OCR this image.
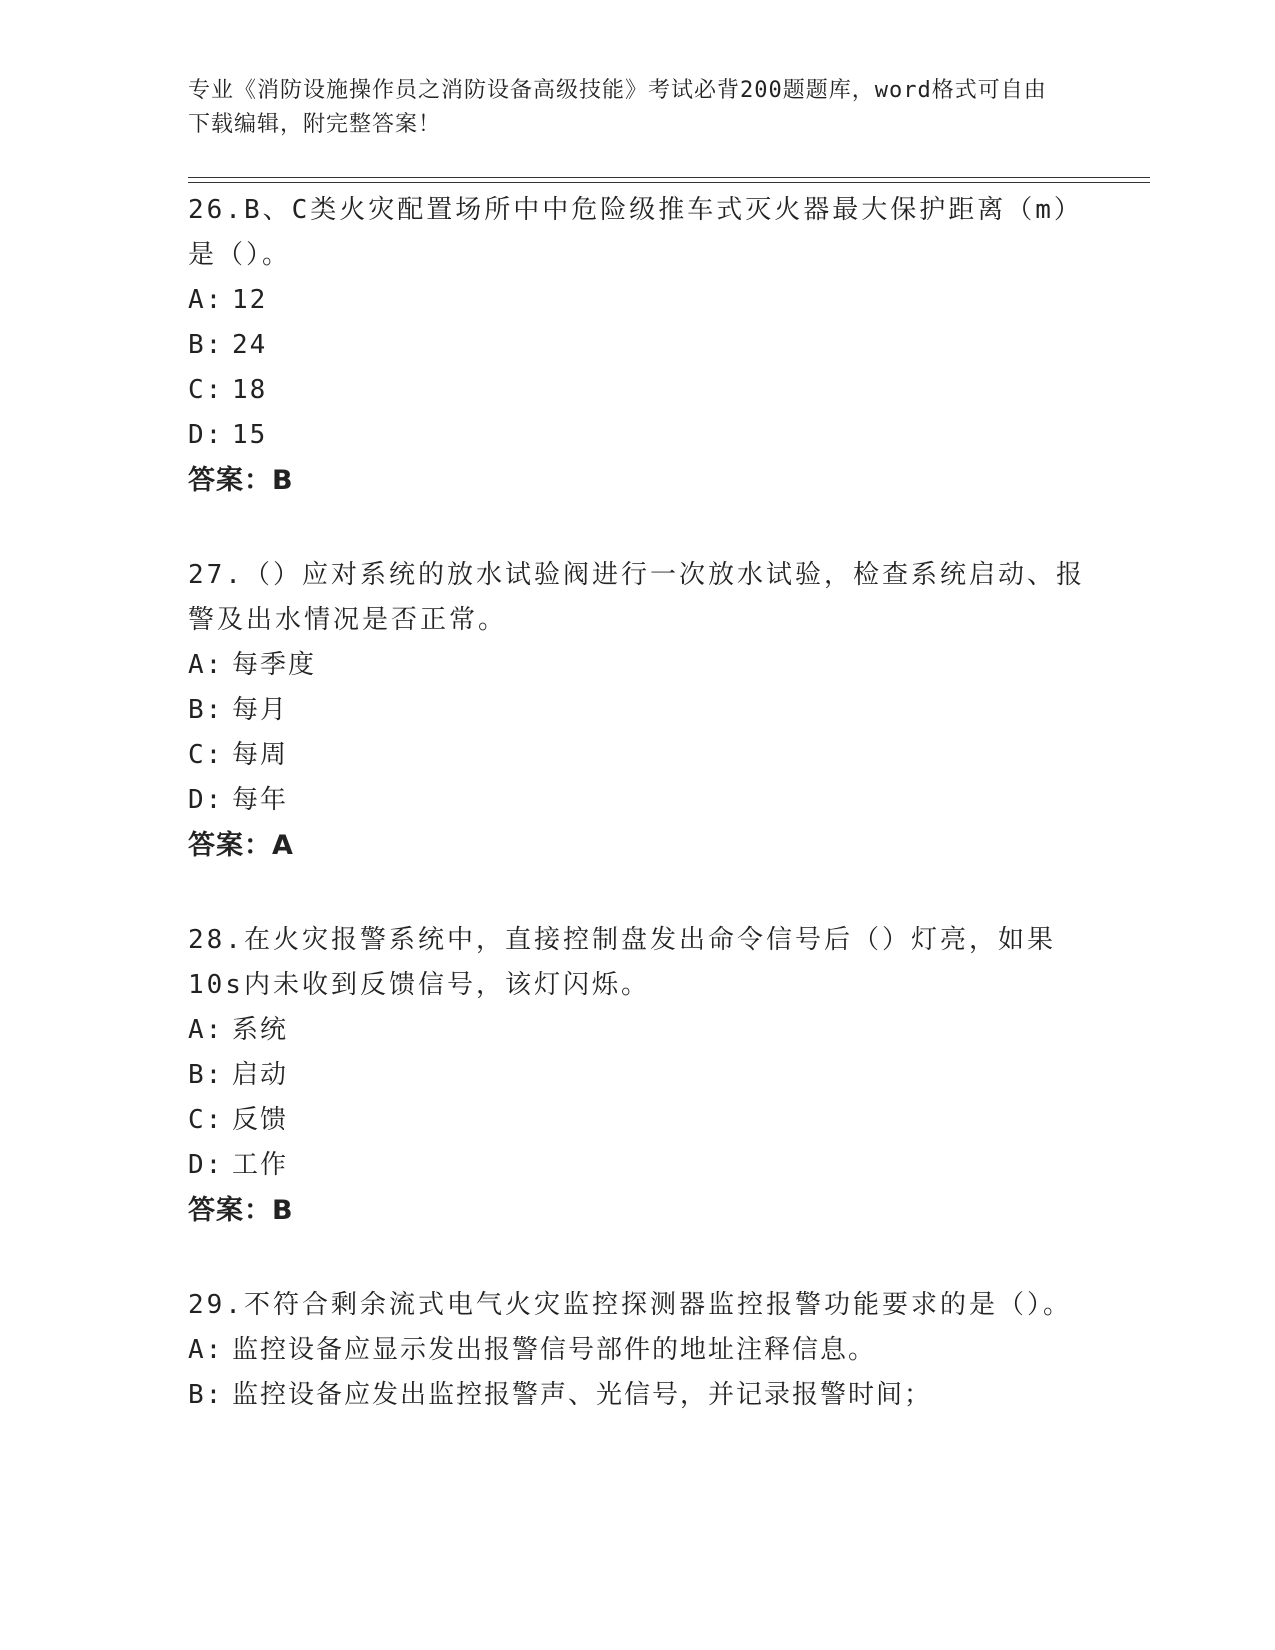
专业《消防设施操作员之消防设备高级技能》考试必背200题题库，word格式可自由下载编辑，附完整答案！
26.B、C类火灾配置场所中中危险级推车式灭火器最大保护距离（m）是（）。
A: 12
B: 24
C: 18
D: 15
答案：B
27.（）应对系统的放水试验阀进行一次放水试验，检查系统启动、报警及出水情况是否正常。
A: 每季度
B: 每月
C: 每周
D: 每年
答案：A
28.在火灾报警系统中，直接控制盘发出命令信号后（）灯亮，如果10s内未收到反馈信号，该灯闪烁。
A: 系统
B: 启动
C: 反馈
D: 工作
答案：B
29.不符合剩余流式电气火灾监控探测器监控报警功能要求的是（）。
A: 监控设备应显示发出报警信号部件的地址注释信息。
B: 监控设备应发出监控报警声、光信号，并记录报警时间；
